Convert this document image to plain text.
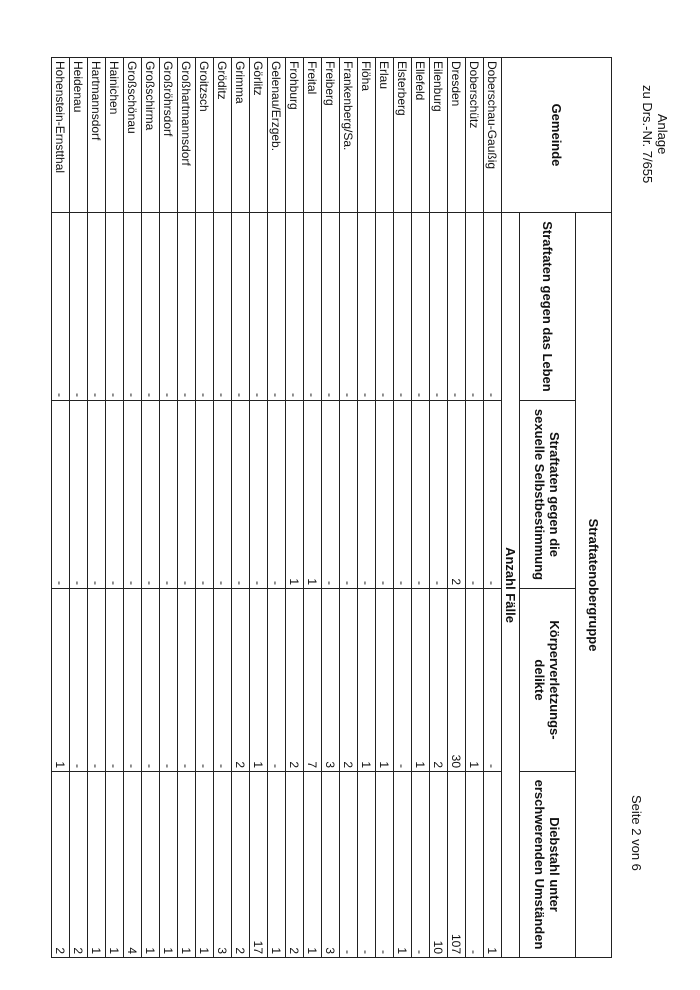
Anlage
zu Drs.-Nr. 7/655
Gemeinde	Straftatenobergruppe			
	Straftaten gegen das Leben	Straftaten gegen die
sexuelle Selbstbestimmung	Körperverletzungs-
delikte	Diebstahl unter
erschwerenden Umständen
	Anzahl Fälle			
Doberschau-Gaußig	-	-	-	1
Doberschütz	-	-	1	-
Dresden	-	2	30	107
Eilenburg	-	-	2	10
Ellefeld	-	-	1	-
Elsterberg	-	-	-	1
Erlau	-	-	1	-
Flöha	-	-	1	-
Frankenberg/Sa.	-	-	2	-
Freiberg	-	-	3	3
Freital	-	1	7	1
Frohburg	-	1	2	2
Gelenau/Erzgeb.	-	-	-	1
Görlitz	-	-	1	17
Grimma	-	-	2	2
Gröditz	-	-	-	3
Groitzsch	-	-	-	1
Großhartmannsdorf	-	-	-	1
Großröhrsdorf	-	-	-	1
Großschirma	-	-	-	1
Großschönau	-	-	-	4
Hainichen	-	-	-	1
Hartmannsdorf	-	-	-	1
Heidenau	-	-	-	2
Hohenstein-Ernstthal	-	-	1	2
Seite 2 von 6
